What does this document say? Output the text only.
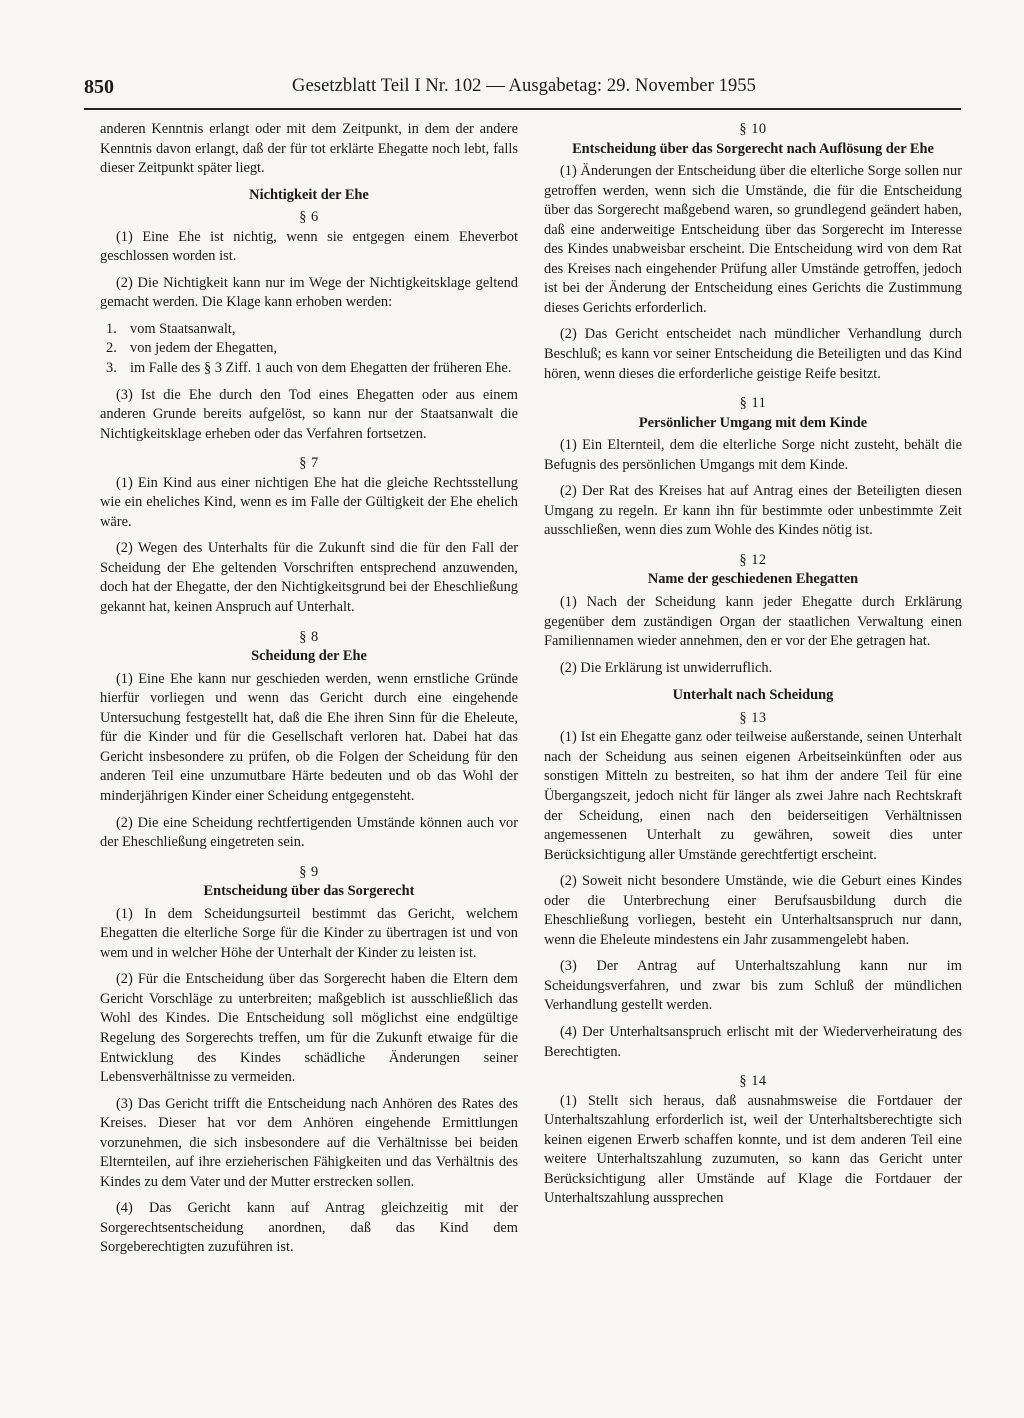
850	Gesetzblatt Teil I Nr. 102 — Ausgabetag: 29. November 1955

anderen Kenntnis erlangt oder mit dem Zeitpunkt, in dem der andere Kenntnis davon erlangt, daß der für tot erklärte Ehegatte noch lebt, falls dieser Zeitpunkt später liegt.

Nichtigkeit der Ehe
§ 6

(1) Eine Ehe ist nichtig, wenn sie entgegen einem Eheverbot geschlossen worden ist.

(2) Die Nichtigkeit kann nur im Wege der Nichtigkeitsklage geltend gemacht werden. Die Klage kann erhoben werden:

1. vom Staatsanwalt,
2. von jedem der Ehegatten,
3. im Falle des § 3 Ziff. 1 auch von dem Ehegatten der früheren Ehe.

(3) Ist die Ehe durch den Tod eines Ehegatten oder aus einem anderen Grunde bereits aufgelöst, so kann nur der Staatsanwalt die Nichtigkeitsklage erheben oder das Verfahren fortsetzen.

§ 7

(1) Ein Kind aus einer nichtigen Ehe hat die gleiche Rechtsstellung wie ein eheliches Kind, wenn es im Falle der Gültigkeit der Ehe ehelich wäre.

(2) Wegen des Unterhalts für die Zukunft sind die für den Fall der Scheidung der Ehe geltenden Vorschriften entsprechend anzuwenden, doch hat der Ehegatte, der den Nichtigkeitsgrund bei der Eheschließung gekannt hat, keinen Anspruch auf Unterhalt.

§ 8
Scheidung der Ehe

(1) Eine Ehe kann nur geschieden werden, wenn ernstliche Gründe hierfür vorliegen und wenn das Gericht durch eine eingehende Untersuchung festgestellt hat, daß die Ehe ihren Sinn für die Eheleute, für die Kinder und für die Gesellschaft verloren hat. Dabei hat das Gericht insbesondere zu prüfen, ob die Folgen der Scheidung für den anderen Teil eine unzumutbare Härte bedeuten und ob das Wohl der minderjährigen Kinder einer Scheidung entgegensteht.

(2) Die eine Scheidung rechtfertigenden Umstände können auch vor der Eheschließung eingetreten sein.

§ 9
Entscheidung über das Sorgerecht

(1) In dem Scheidungsurteil bestimmt das Gericht, welchem Ehegatten die elterliche Sorge für die Kinder zu übertragen ist und von wem und in welcher Höhe der Unterhalt der Kinder zu leisten ist.

(2) Für die Entscheidung über das Sorgerecht haben die Eltern dem Gericht Vorschläge zu unterbreiten; maßgeblich ist ausschließlich das Wohl des Kindes. Die Entscheidung soll möglichst eine endgültige Regelung des Sorgerechts treffen, um für die Zukunft etwaige für die Entwicklung des Kindes schädliche Änderungen seiner Lebensverhältnisse zu vermeiden.

(3) Das Gericht trifft die Entscheidung nach Anhören des Rates des Kreises. Dieser hat vor dem Anhören eingehende Ermittlungen vorzunehmen, die sich insbesondere auf die Verhältnisse bei beiden Elternteilen, auf ihre erzieherischen Fähigkeiten und das Verhältnis des Kindes zu dem Vater und der Mutter erstrecken sollen.

(4) Das Gericht kann auf Antrag gleichzeitig mit der Sorgerechtsentscheidung anordnen, daß das Kind dem Sorgeberechtigten zuzuführen ist.

§ 10
Entscheidung über das Sorgerecht nach Auflösung der Ehe

(1) Änderungen der Entscheidung über die elterliche Sorge sollen nur getroffen werden, wenn sich die Umstände, die für die Entscheidung über das Sorgerecht maßgebend waren, so grundlegend geändert haben, daß eine anderweitige Entscheidung über das Sorgerecht im Interesse des Kindes unabweisbar erscheint. Die Entscheidung wird von dem Rat des Kreises nach eingehender Prüfung aller Umstände getroffen, jedoch ist bei der Änderung der Entscheidung eines Gerichts die Zustimmung dieses Gerichts erforderlich.

(2) Das Gericht entscheidet nach mündlicher Verhandlung durch Beschluß; es kann vor seiner Entscheidung die Beteiligten und das Kind hören, wenn dieses die erforderliche geistige Reife besitzt.

§ 11
Persönlicher Umgang mit dem Kinde

(1) Ein Elternteil, dem die elterliche Sorge nicht zusteht, behält die Befugnis des persönlichen Umgangs mit dem Kinde.

(2) Der Rat des Kreises hat auf Antrag eines der Beteiligten diesen Umgang zu regeln. Er kann ihn für bestimmte oder unbestimmte Zeit ausschließen, wenn dies zum Wohle des Kindes nötig ist.

§ 12
Name der geschiedenen Ehegatten

(1) Nach der Scheidung kann jeder Ehegatte durch Erklärung gegenüber dem zuständigen Organ der staatlichen Verwaltung einen Familiennamen wieder annehmen, den er vor der Ehe getragen hat.

(2) Die Erklärung ist unwiderruflich.

Unterhalt nach Scheidung
§ 13

(1) Ist ein Ehegatte ganz oder teilweise außerstande, seinen Unterhalt nach der Scheidung aus seinen eigenen Arbeitseinkünften oder aus sonstigen Mitteln zu bestreiten, so hat ihm der andere Teil für eine Übergangszeit, jedoch nicht für länger als zwei Jahre nach Rechtskraft der Scheidung, einen nach den beiderseitigen Verhältnissen angemessenen Unterhalt zu gewähren, soweit dies unter Berücksichtigung aller Umstände gerechtfertigt erscheint.

(2) Soweit nicht besondere Umstände, wie die Geburt eines Kindes oder die Unterbrechung einer Berufsausbildung durch die Eheschließung vorliegen, besteht ein Unterhaltsanspruch nur dann, wenn die Eheleute mindestens ein Jahr zusammengelebt haben.

(3) Der Antrag auf Unterhaltszahlung kann nur im Scheidungsverfahren, und zwar bis zum Schluß der mündlichen Verhandlung gestellt werden.

(4) Der Unterhaltsanspruch erlischt mit der Wiederverheiratung des Berechtigten.

§ 14

(1) Stellt sich heraus, daß ausnahmsweise die Fortdauer der Unterhaltszahlung erforderlich ist, weil der Unterhaltsberechtigte sich keinen eigenen Erwerb schaffen konnte, und ist dem anderen Teil eine weitere Unterhaltszahlung zuzumuten, so kann das Gericht unter Berücksichtigung aller Umstände auf Klage die Fortdauer der Unterhaltszahlung aussprechen
